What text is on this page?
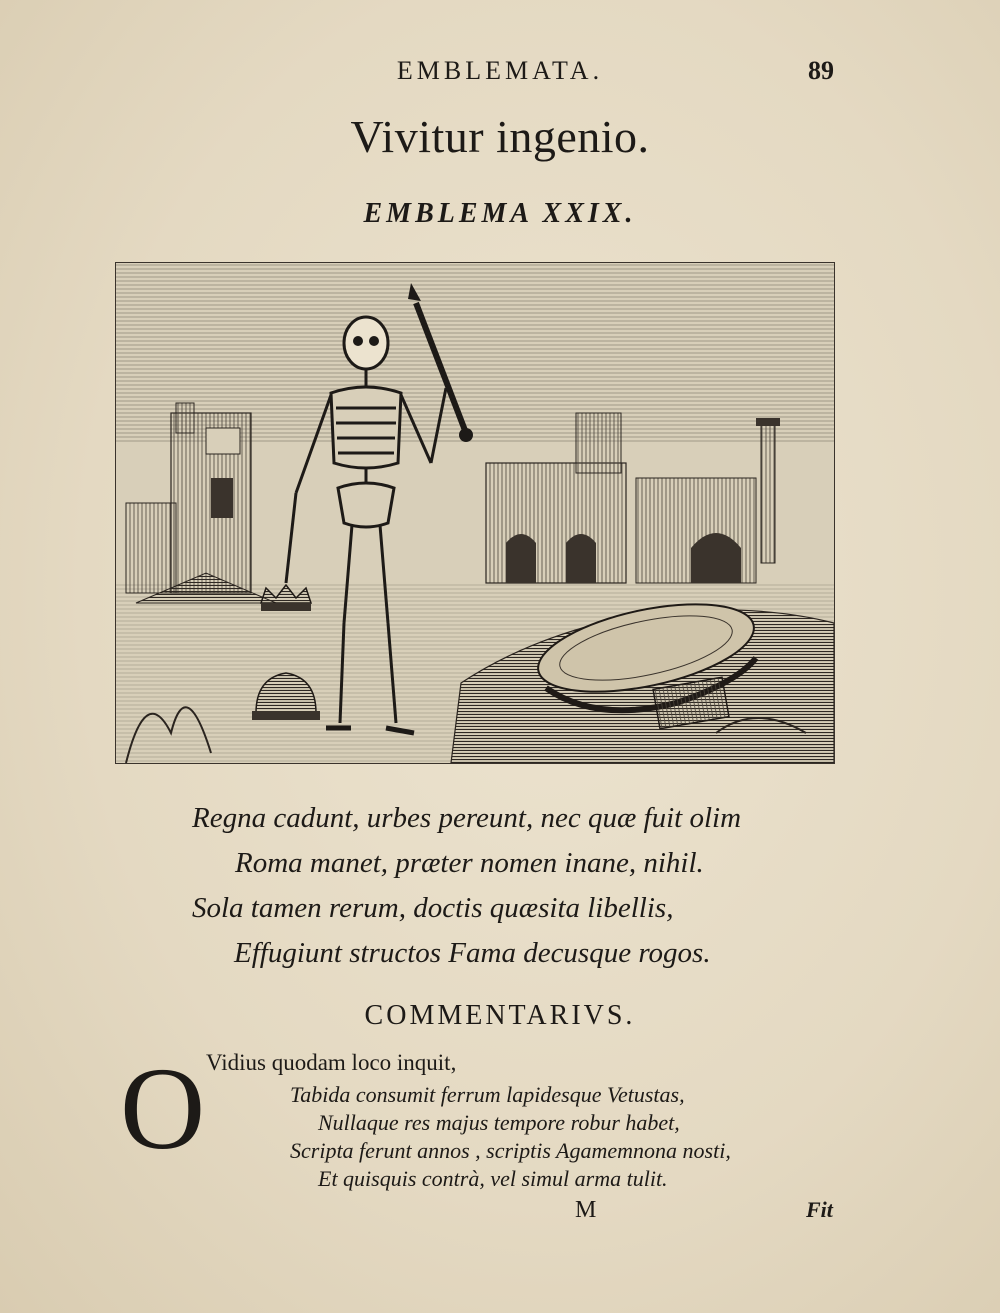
EMBLEMATA.	89
Vivitur ingenio.
EMBLEMA XXIX.
Regna cadunt, urbes pereunt, nec quæ fuit olim
Roma manet, præter nomen inane, nihil.
Sola tamen rerum, doctis quæsita libellis,
Effugiunt structos Fama decusque rogos.
COMMENTARIVS.
O Vidius quodam loco inquit,
Tabida consumit ferrum lapidesque Vetustas,
Nullaque res majus tempore robur habet,
Scripta ferunt annos , scriptis Agamemnona nosti,
Et quisquis contrà, vel simul arma tulit.
M	Fit
